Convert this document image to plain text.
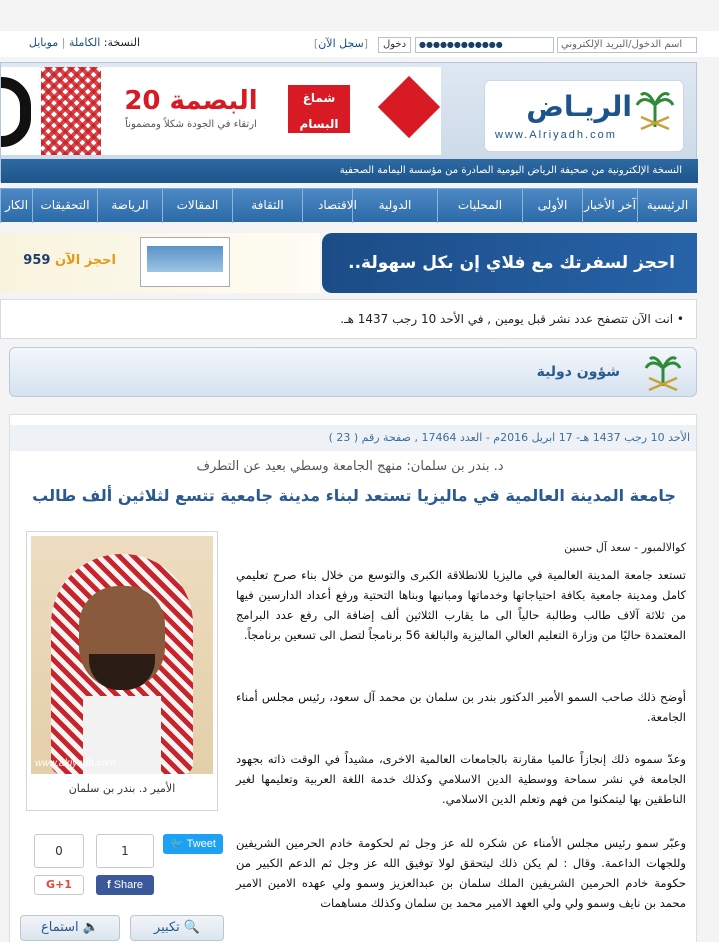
اسم الدخول/البريد الإلكتروني
●●●●●●●●●●●●
دخول
[سجل الآن]
النسخة: الكاملة | موبايل
البصمة 20
ارتقاء في الجودة شكلاً ومضموناً
شماغ البسام
جودة تدليها
الريـاض
www.Alriyadh.com
النسخة الإلكترونية من صحيفة الرياض اليومية الصادرة من مؤسسة اليمامة الصحفية
الرئيسية
آخر الأخبار
الأولى
المحليات
الدولية
الاقتصاد
الثقافة
المقالات
الرياضة
التحقيقات
الكار
احجز الآن 959	احجز لسفرتك مع فلاي إن بكل سهولة..
• انت الآن تتصفح عدد نشر قبل يومين , في الأحد 10 رجب 1437 هـ.
شؤون دولية
الأحد 10 رجب 1437 هـ- 17 ابريل 2016م - العدد 17464 , صفحة رقم ( 23 )
د. بندر بن سلمان: منهج الجامعة وسطي بعيد عن التطرف
جامعة المدينة العالمية في ماليزيا تستعد لبناء مدينة جامعية تتسع لثلاثين ألف طالب
www.alriyadh.com
الأمير د. بندر بن سلمان
🐦 Tweet
1
0
f Share
G+1
🔈 استماع	🔍 تكبير
كوالالمبور - سعد آل حسين
تستعد جامعة المدينة العالمية في ماليزيا للانطلاقة الكبرى والتوسع من خلال بناء صرح تعليمي كامل ومدينة جامعية بكافة احتياجاتها وخدماتها ومبانيها وبناها التحتية ورفع أعداد الدارسين فيها من ثلاثة آلاف طالب وطالبة حالياً الى ما يقارب الثلاثين ألف إضافة الى رفع عدد البرامج المعتمدة حاليًا من وزارة التعليم العالي الماليزية والبالغة 56 برنامجاً لتصل الى تسعين برنامجاً.
أوضح ذلك صاحب السمو الأمير الدكتور بندر بن سلمان بن محمد آل سعود، رئيس مجلس أمناء الجامعة.
وعدّ سموه ذلك إنجازاً عالميا مقارنة بالجامعات العالمية الاخرى، مشيداً في الوقت ذاته بجهود الجامعة في نشر سماحة ووسطية الدين الاسلامي وكذلك خدمة اللغة العربية وتعليمها لغير الناطقين بها ليتمكنوا من فهم وتعلم الدين الاسلامي.
وعبّر سمو رئيس مجلس الأمناء عن شكره لله عز وجل ثم لحكومة خادم الحرمين الشريفين وللجهات الداعمة. وقال : لم يكن ذلك ليتحقق لولا توفيق الله عز وجل ثم الدعم الكبير من حكومة خادم الحرمين الشريفين الملك سلمان بن عبدالعزيز وسمو ولي عهده الامين الامير محمد بن نايف وسمو ولي ولي العهد الامير محمد بن سلمان وكذلك مساهمات
